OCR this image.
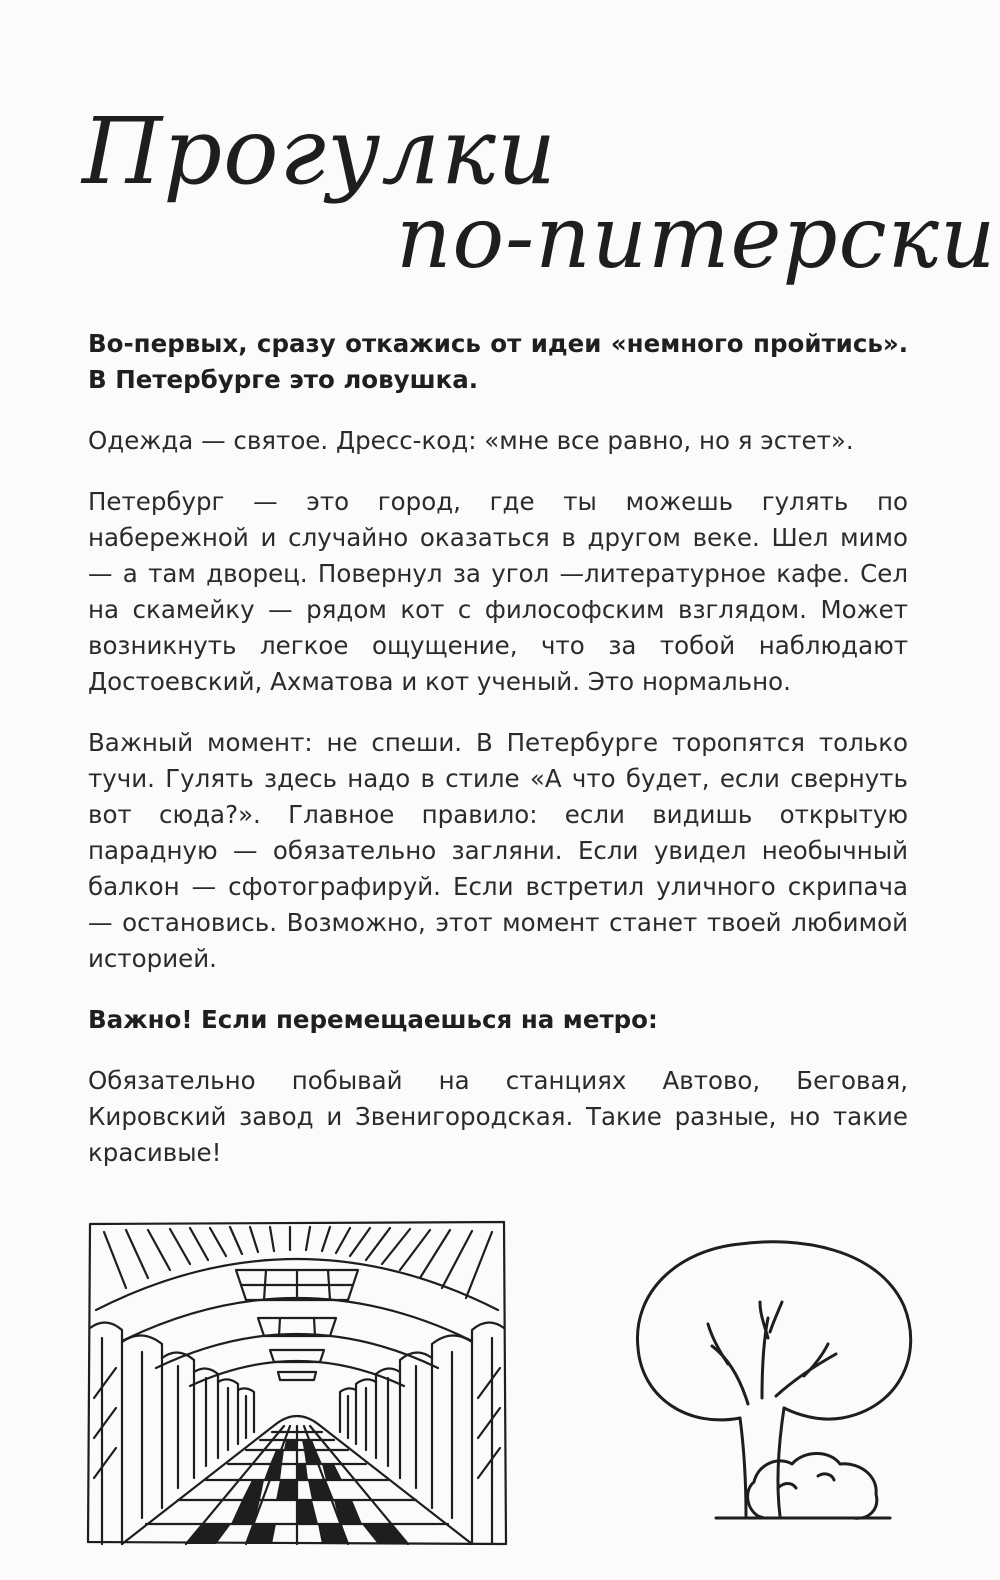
Прогулки
по-питерски

Во-первых, сразу откажись от идеи «немного пройтись». В Петербурге это ловушка.

Одежда — святое. Дресс-код: «мне все равно, но я эстет».

Петербург — это город, где ты можешь гулять по набережной и случайно оказаться в другом веке. Шел мимо — а там дворец. Повернул за угол —литературное кафе. Сел на скамейку — рядом кот с философским взглядом. Может возникнуть легкое ощущение, что за тобой наблюдают Достоевский, Ахматова и кот ученый. Это нормально.

Важный момент: не спеши. В Петербурге торопятся только тучи. Гулять здесь надо в стиле «А что будет, если свернуть вот сюда?». Главное правило: если видишь открытую парадную — обязательно загляни. Если увидел необычный балкон — сфотографируй. Если встретил уличного скрипача — остановись. Возможно, этот момент станет твоей любимой историей.

Важно! Если перемещаешься на метро:

Обязательно побывай на станциях Автово, Беговая, Кировский завод и Звенигородская. Такие разные, но такие красивые!
